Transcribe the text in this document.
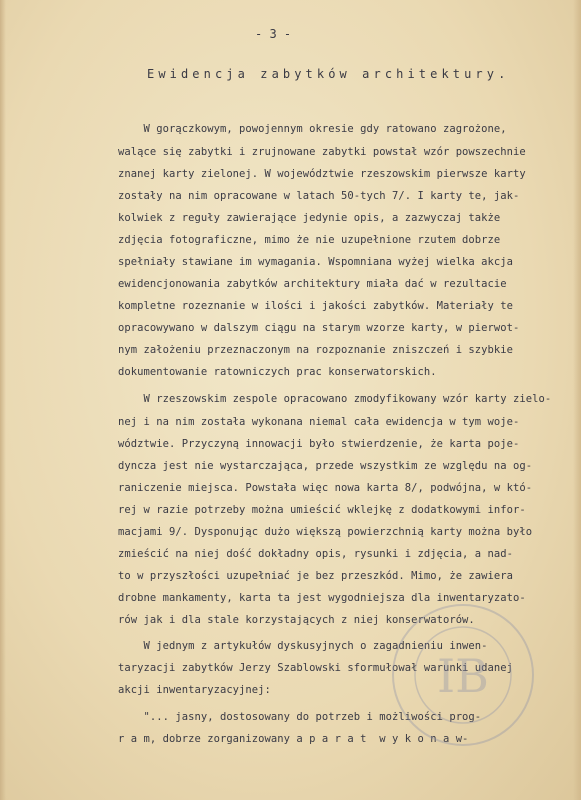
- 3 -
Ewidencja zabytków architektury.
W gorączkowym, powojennym okresie gdy ratowano zagrożone,
walące się zabytki i zrujnowane zabytki powstał wzór powszechnie
znanej karty zielonej. W województwie rzeszowskim pierwsze karty
zostały na nim opracowane w latach 50-tych 7/. I karty te, jak-
kolwiek z reguły zawierające jedynie opis, a zazwyczaj także
zdjęcia fotograficzne, mimo że nie uzupełnione rzutem dobrze
spełniały stawiane im wymagania. Wspomniana wyżej wielka akcja
ewidencjonowania zabytków architektury miała dać w rezultacie
kompletne rozeznanie w ilości i jakości zabytków. Materiały te
opracowywano w dalszym ciągu na starym wzorze karty, w pierwot-
nym założeniu przeznaczonym na rozpoznanie zniszczeń i szybkie
dokumentowanie ratowniczych prac konserwatorskich.
W rzeszowskim zespole opracowano zmodyfikowany wzór karty zielo-
nej i na nim została wykonana niemal cała ewidencja w tym woje-
wództwie. Przyczyną innowacji było stwierdzenie, że karta poje-
dyncza jest nie wystarczająca, przede wszystkim ze względu na og-
raniczenie miejsca. Powstała więc nowa karta 8/, podwójna, w któ-
rej w razie potrzeby można umieścić wklejkę z dodatkowymi infor-
macjami 9/. Dysponując dużo większą powierzchnią karty można było
zmieścić na niej dość dokładny opis, rysunki i zdjęcia, a nad-
to w przyszłości uzupełniać je bez przeszkód. Mimo, że zawiera
drobne mankamenty, karta ta jest wygodniejsza dla inwentaryzato-
rów jak i dla stale korzystających z niej konserwatorów.
W jednym z artykułów dyskusyjnych o zagadnieniu inwen-
taryzacji zabytków Jerzy Szablowski sformułował warunki udanej
akcji inwentaryzacyjnej:
"... jasny, dostosowany do potrzeb i możliwości prog-
r a m, dobrze zorganizowany a p a r a t  w y k o n a w-
IB
